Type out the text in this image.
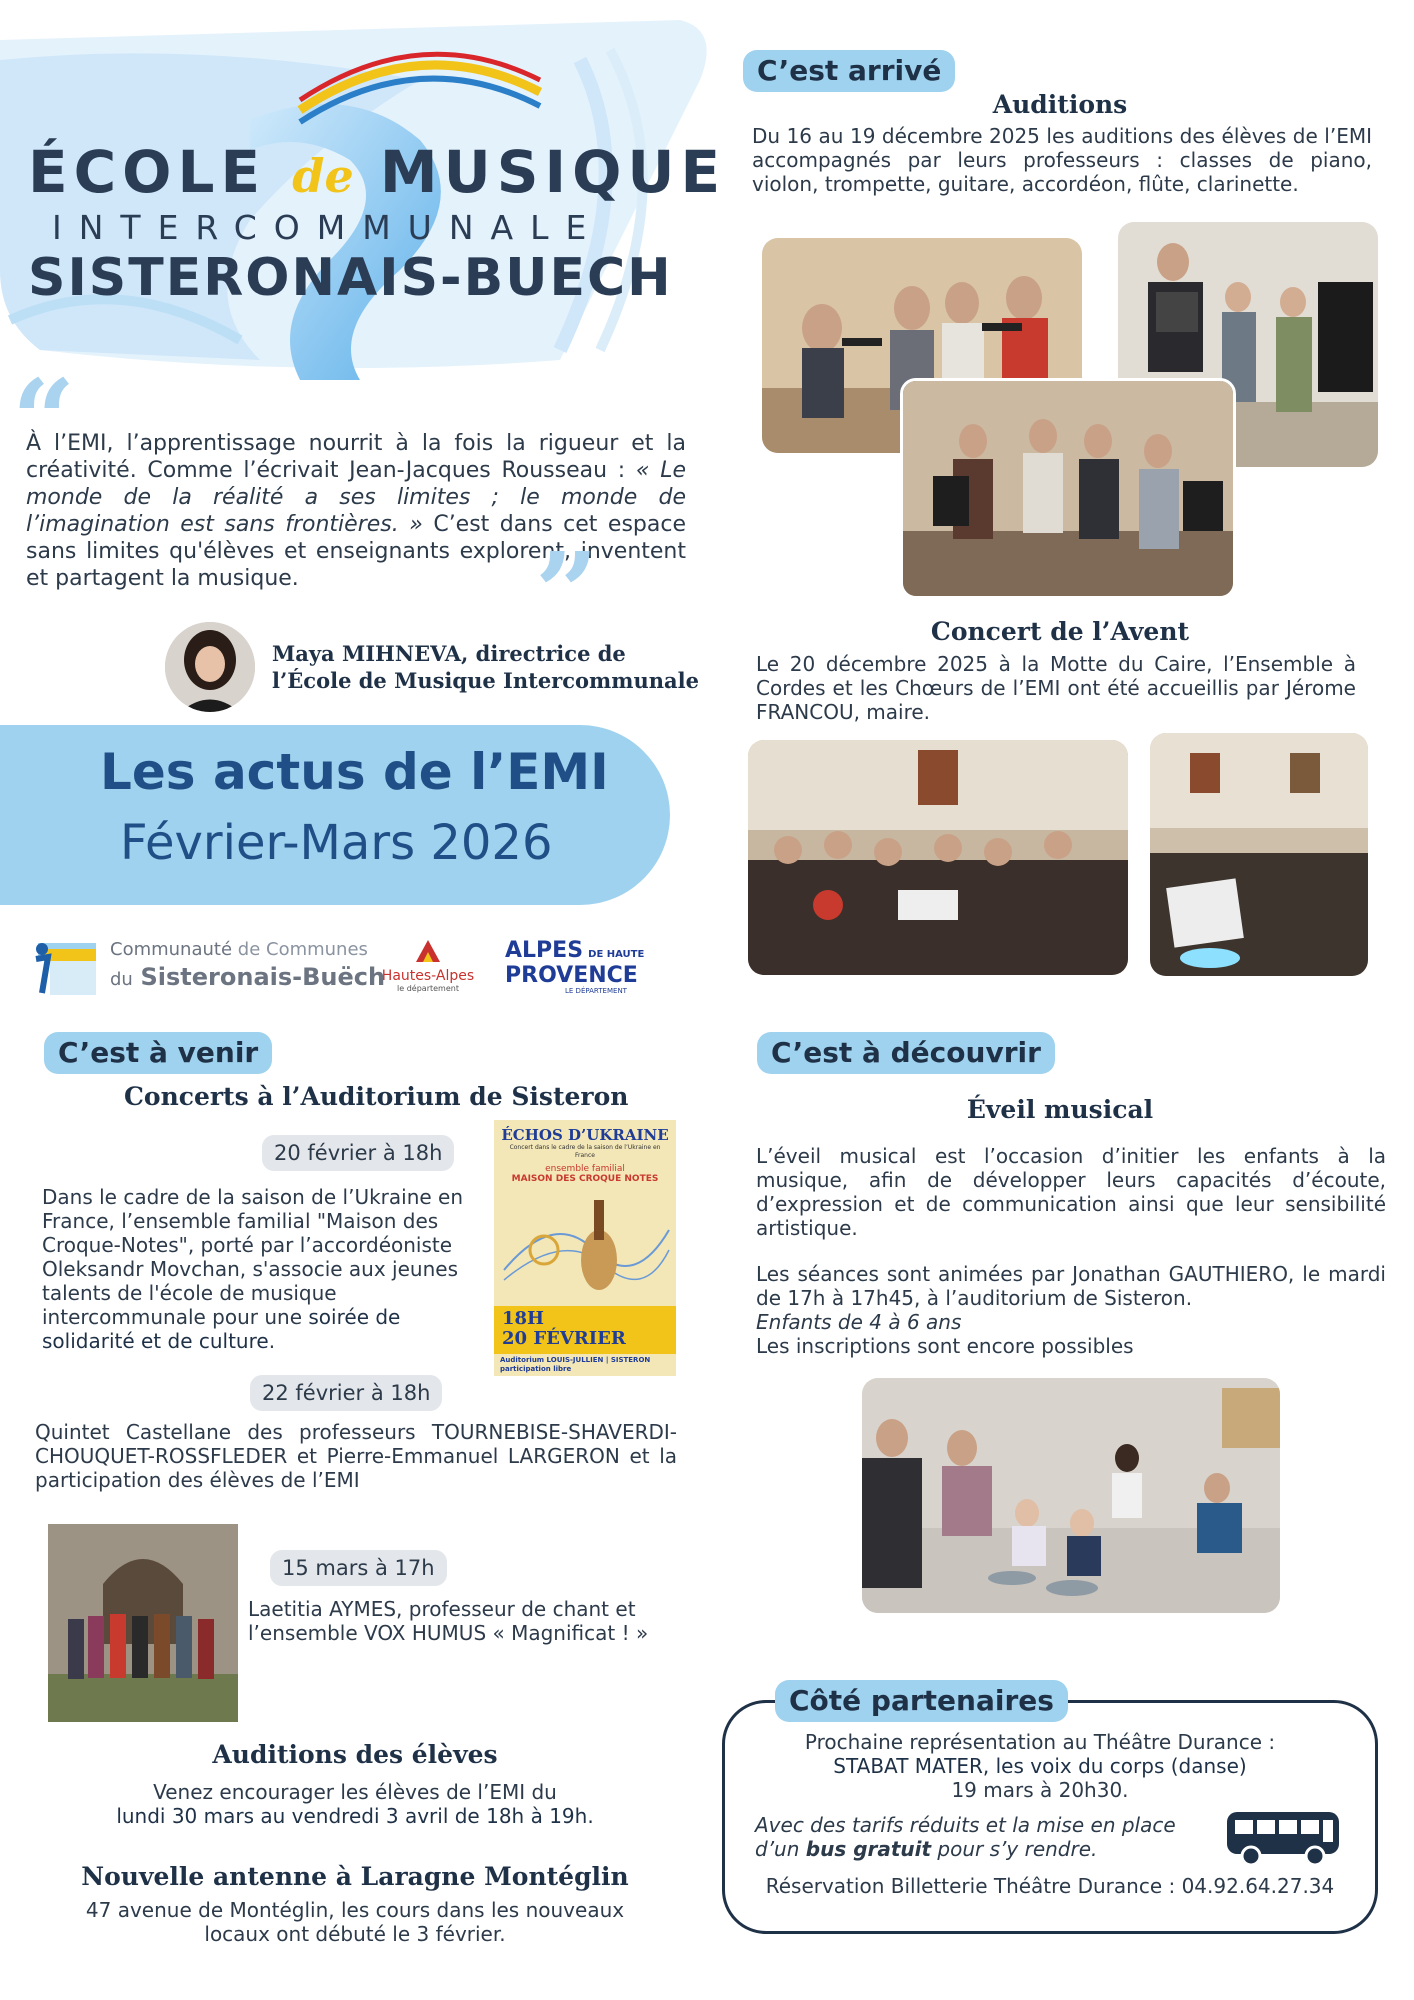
ÉCOLE de MUSIQUE
INTERCOMMUNALE
SISTERONAIS-BUECH
“
À l’EMI, l’apprentissage nourrit à la fois la rigueur et la créativité. Comme l’écrivait Jean-Jacques Rousseau : « Le monde de la réalité a ses limites ; le monde de l’imagination est sans frontières. » C’est dans cet espace sans limites qu'élèves et enseignants explorent, inventent et partagent la musique.	”
Maya MIHNEVA, directrice de
l’École de Musique Intercommunale
Les actus de l’EMI
Février-Mars 2026
Communauté de Communes
du Sisteronais-Buëch
Hautes-Alpes
le département
ALPES DE HAUTE
PROVENCE
LE DÉPARTEMENT
C’est arrivé
Auditions
Du 16 au 19 décembre 2025 les auditions des élèves de l’EMI accompagnés par leurs professeurs : classes de piano, violon, trompette, guitare, accordéon, flûte, clarinette.
Concert de l’Avent
Le 20 décembre 2025 à la Motte du Caire, l’Ensemble à Cordes et les Chœurs de l’EMI ont été accueillis par Jérome FRANCOU, maire.
C’est à venir
Concerts à l’Auditorium de Sisteron
20 février à 18h
Dans le cadre de la saison de l’Ukraine en France, l’ensemble familial "Maison des Croque-Notes", porté par l’accordéoniste Oleksandr Movchan, s'associe aux jeunes talents de l'école de musique intercommunale pour une soirée de solidarité et de culture.
ÉCHOS D’UKRAINE
Concert dans le cadre de la saison de l’Ukraine en France
ensemble familial
MAISON DES CROQUE NOTES
18H
20 FÉVRIER
Auditorium LOUIS-JULLIEN | SISTERON
participation libre
22 février à 18h
Quintet Castellane des professeurs TOURNEBISE-SHAVERDI-CHOUQUET-ROSSFLEDER et Pierre-Emmanuel LARGERON et la participation des élèves de l’EMI
15 mars à 17h
Laetitia AYMES, professeur de chant et l’ensemble VOX HUMUS « Magnificat ! »
Auditions des élèves
Venez encourager les élèves de l’EMI du
lundi 30 mars au vendredi 3 avril de 18h à 19h.
Nouvelle antenne à Laragne Montéglin
47 avenue de Montéglin, les cours dans les nouveaux locaux ont débuté le 3 février.
C’est à découvrir
Éveil musical
L’éveil musical est l’occasion d’initier les enfants à la musique, afin de développer leurs capacités d’écoute, d’expression et de communication ainsi que leur sensibilité artistique.
Les séances sont animées par Jonathan GAUTHIERO, le mardi de 17h à 17h45, à l’auditorium de Sisteron.
Enfants de 4 à 6 ans
Les inscriptions sont encore possibles
Côté partenaires
Prochaine représentation au Théâtre Durance :
STABAT MATER, les voix du corps (danse)
19 mars à 20h30.
Avec des tarifs réduits et la mise en place d’un bus gratuit pour s’y rendre.
Réservation Billetterie Théâtre Durance : 04.92.64.27.34
